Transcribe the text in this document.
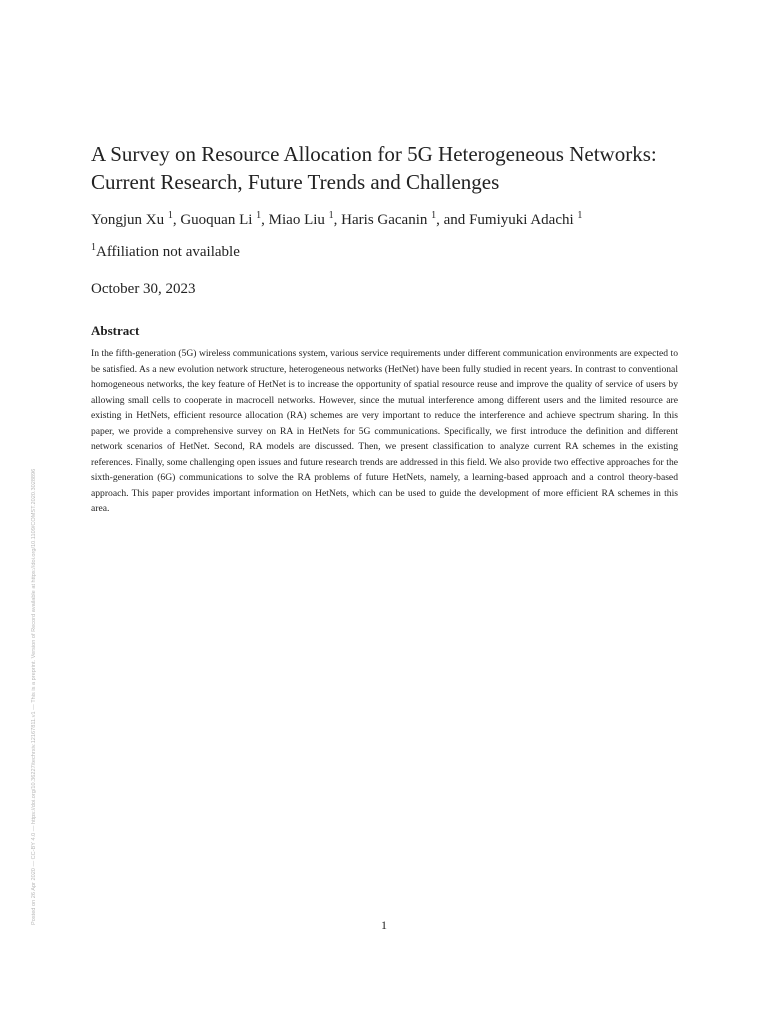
Posted on 26 Apr 2020 — CC-BY 4.0 — https://doi.org/10.36227/techrxiv.12167811.v1 — This is a preprint. Version of Record available at https://doi.org/10.1109/COMST.2020.3028896
A Survey on Resource Allocation for 5G Heterogeneous Networks:
Current Research, Future Trends and Challenges
Yongjun Xu $^1$, Guoquan Li $^1$, Miao Liu $^1$, Haris Gacanin $^1$, and Fumiyuki Adachi $^1$
$^1$Affiliation not available
October 30, 2023
Abstract

In the fifth-generation (5G) wireless communications system, various service requirements under different communication environments are expected to be satisfied. As a new evolution network structure, heterogeneous networks (HetNet) have been fully studied in recent years. In contrast to conventional homogeneous networks, the key feature of HetNet is to increase the opportunity of spatial resource reuse and improve the quality of service of users by allowing small cells to cooperate in macrocell networks. However, since the mutual interference among different users and the limited resource are existing in HetNets, efficient resource allocation (RA) schemes are very important to reduce the interference and achieve spectrum sharing. In this paper, we provide a comprehensive survey on RA in HetNets for 5G communications. Specifically, we first introduce the definition and different network scenarios of HetNet. Second, RA models are discussed. Then, we present classification to analyze current RA schemes in the existing references. Finally, some challenging open issues and future research trends are addressed in this field. We also provide two effective approaches for the sixth-generation (6G) communications to solve the RA problems of future HetNets, namely, a learning-based approach and a control theory-based approach. This paper provides important information on HetNets, which can be used to guide the development of more efficient RA schemes in this area.

1
